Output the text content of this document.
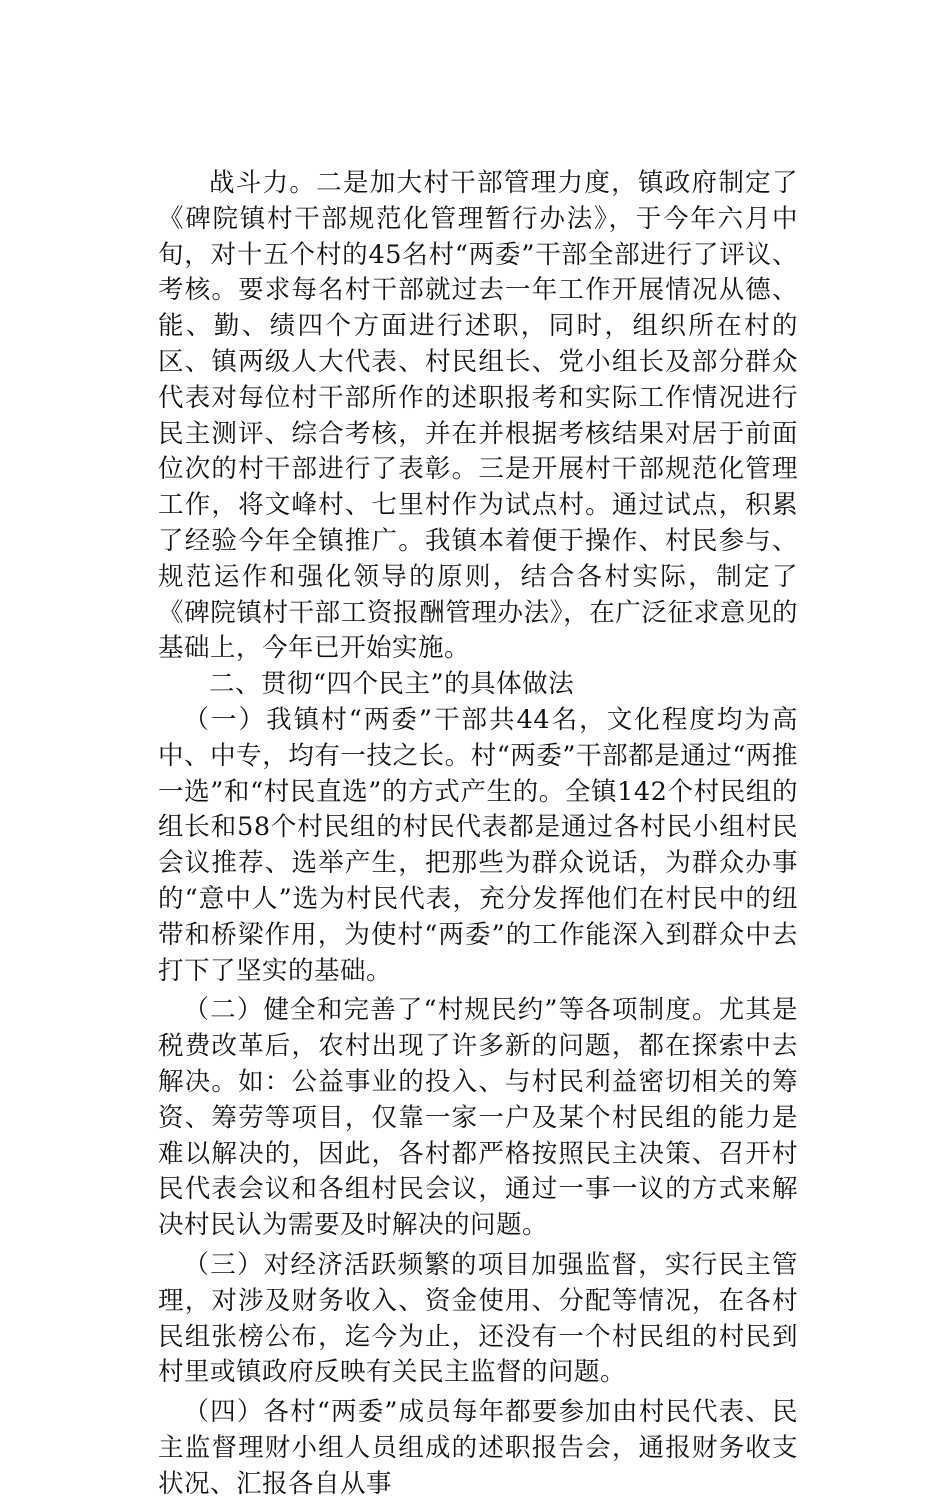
战斗力。二是加大村干部管理力度，镇政府制定了《碑院镇村干部规范化管理暂行办法》，于今年六月中旬，对十五个村的45名村“两委”干部全部进行了评议、考核。要求每名村干部就过去一年工作开展情况从德、能、勤、绩四个方面进行述职，同时，组织所在村的区、镇两级人大代表、村民组长、党小组长及部分群众代表对每位村干部所作的述职报考和实际工作情况进行民主测评、综合考核，并在并根据考核结果对居于前面位次的村干部进行了表彰。三是开展村干部规范化管理工作，将文峰村、七里村作为试点村。通过试点，积累了经验今年全镇推广。我镇本着便于操作、村民参与、规范运作和强化领导的原则，结合各村实际，制定了《碑院镇村干部工资报酬管理办法》，在广泛征求意见的基础上，今年已开始实施。

二、贯彻“四个民主”的具体做法

（一）我镇村“两委”干部共44名，文化程度均为高中、中专，均有一技之长。村“两委”干部都是通过“两推一选”和“村民直选”的方式产生的。全镇142个村民组的组长和58个村民组的村民代表都是通过各村民小组村民会议推荐、选举产生，把那些为群众说话，为群众办事的“意中人”选为村民代表，充分发挥他们在村民中的纽带和桥梁作用，为使村“两委”的工作能深入到群众中去打下了坚实的基础。

（二）健全和完善了“村规民约”等各项制度。尤其是税费改革后，农村出现了许多新的问题，都在探索中去解决。如：公益事业的投入、与村民利益密切相关的筹资、筹劳等项目，仅靠一家一户及某个村民组的能力是难以解决的，因此，各村都严格按照民主决策、召开村民代表会议和各组村民会议，通过一事一议的方式来解决村民认为需要及时解决的问题。

（三）对经济活跃频繁的项目加强监督，实行民主管理，对涉及财务收入、资金使用、分配等情况，在各村民组张榜公布，迄今为止，还没有一个村民组的村民到村里或镇政府反映有关民主监督的问题。

（四）各村“两委”成员每年都要参加由村民代表、民主监督理财小组人员组成的述职报告会，通报财务收支状况、汇报各自从事
